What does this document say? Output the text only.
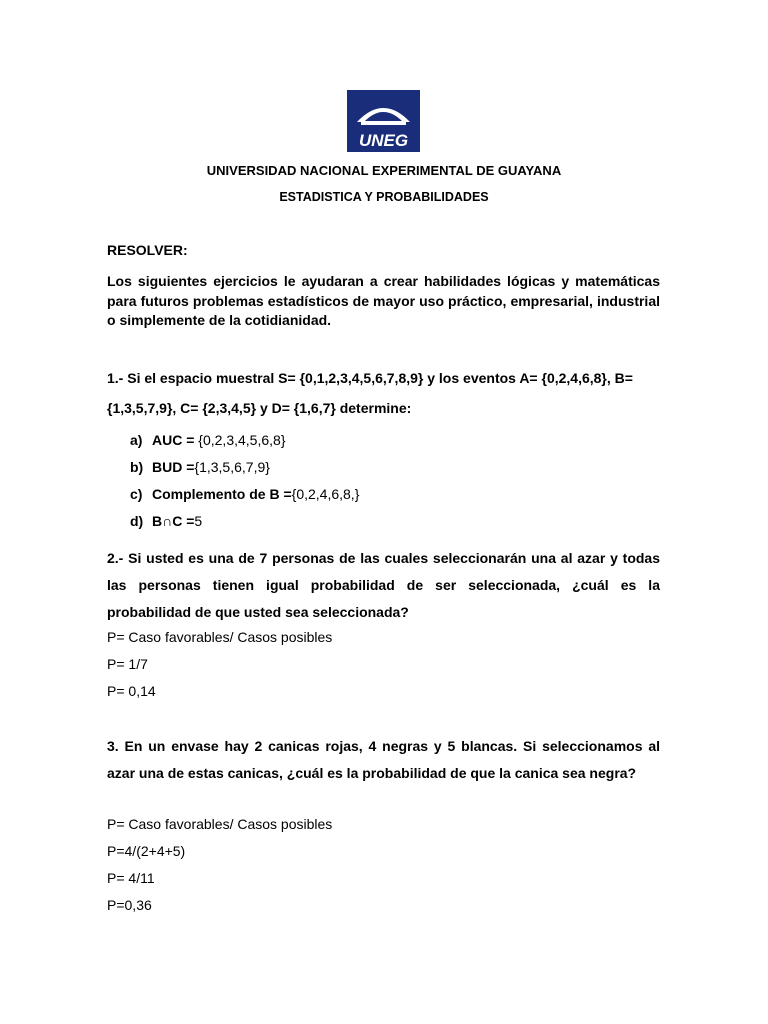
UNEG
UNIVERSIDAD NACIONAL EXPERIMENTAL DE GUAYANA
ESTADISTICA Y PROBABILIDADES
RESOLVER:
Los siguientes ejercicios le ayudaran a crear habilidades lógicas y matemáticas para futuros problemas estadísticos de mayor uso práctico, empresarial, industrial o simplemente de la cotidianidad.
1.- Si el espacio muestral S= {0,1,2,3,4,5,6,7,8,9} y los eventos A= {0,2,4,6,8}, B= {1,3,5,7,9}, C= {2,3,4,5} y D= {1,6,7} determine:
a) AUC = {0,2,3,4,5,6,8}
b) BUD ={1,3,5,6,7,9}
c) Complemento de B ={0,2,4,6,8,}
d) B∩C =5
2.- Si usted es una de 7 personas de las cuales seleccionarán una al azar y todas las personas tienen igual probabilidad de ser seleccionada, ¿cuál es la probabilidad de que usted sea seleccionada?
P= Caso favorables/ Casos posibles
P= 1/7
P= 0,14
3. En un envase hay 2 canicas rojas, 4 negras y 5 blancas. Si seleccionamos al azar una de estas canicas, ¿cuál es la probabilidad de que la canica sea negra?
P= Caso favorables/ Casos posibles
P=4/(2+4+5)
P= 4/11
P=0,36
